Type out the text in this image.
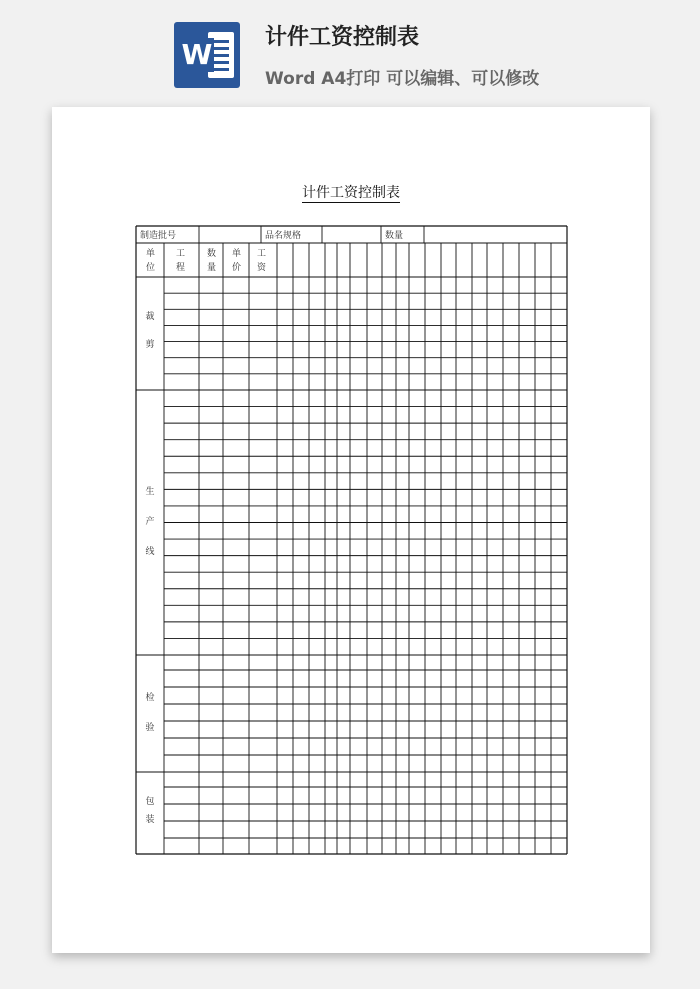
W
计件工资控制表
Word A4打印 可以编辑、可以修改
计件工资控制表
制造批号	品名规格	数量
单
位
工
程
数
量
单
价
工
资
裁
剪
生
产
线
检
验
包
装
